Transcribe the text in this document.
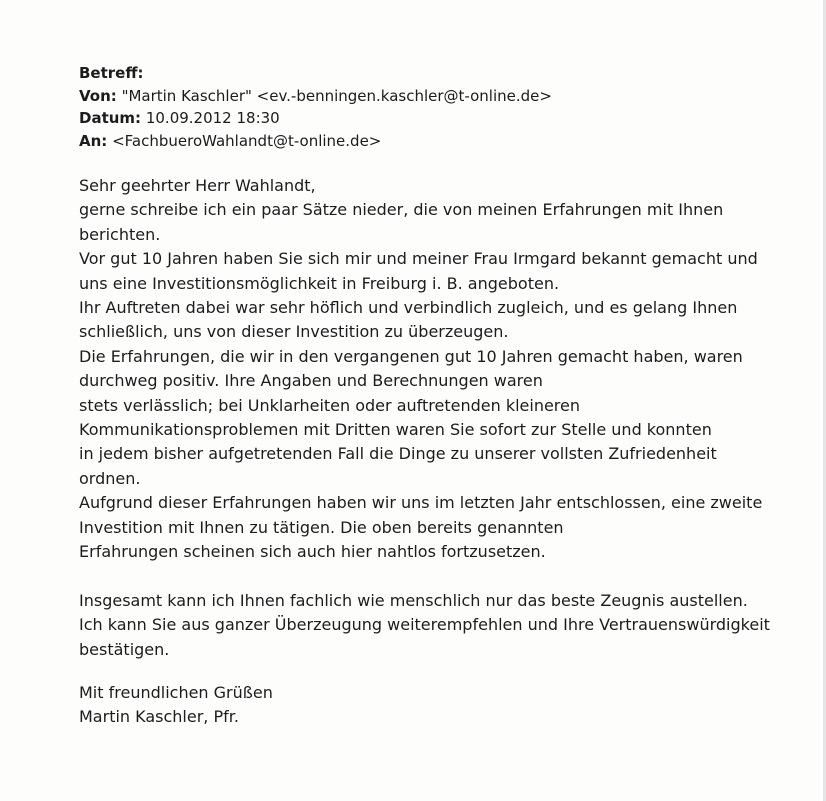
Betreff:
Von: "Martin Kaschler" <ev.-benningen.kaschler@t-online.de>
Datum: 10.09.2012 18:30
An: <FachbueroWahlandt@t-online.de>
Sehr geehrter Herr Wahlandt,
gerne schreibe ich ein paar Sätze nieder, die von meinen Erfahrungen mit Ihnen
berichten.
Vor gut 10 Jahren haben Sie sich mir und meiner Frau Irmgard bekannt gemacht und
uns eine Investitionsmöglichkeit in Freiburg i. B. angeboten.
Ihr Auftreten dabei war sehr höflich und verbindlich zugleich, und es gelang Ihnen
schließlich, uns von dieser Investition zu überzeugen.
Die Erfahrungen, die wir in den vergangenen gut 10 Jahren gemacht haben, waren
durchweg positiv. Ihre Angaben und Berechnungen waren
stets verlässlich; bei Unklarheiten oder auftretenden kleineren
Kommunikationsproblemen mit Dritten waren Sie sofort zur Stelle und konnten
in jedem bisher aufgetretenden Fall die Dinge zu unserer vollsten Zufriedenheit
ordnen.
Aufgrund dieser Erfahrungen haben wir uns im letzten Jahr entschlossen, eine zweite
Investition mit Ihnen zu tätigen. Die oben bereits genannten
Erfahrungen scheinen sich auch hier nahtlos fortzusetzen.
Insgesamt kann ich Ihnen fachlich wie menschlich nur das beste Zeugnis austellen.
Ich kann Sie aus ganzer Überzeugung weiterempfehlen und Ihre Vertrauenswürdigkeit
bestätigen.
Mit freundlichen Grüßen
Martin Kaschler, Pfr.
